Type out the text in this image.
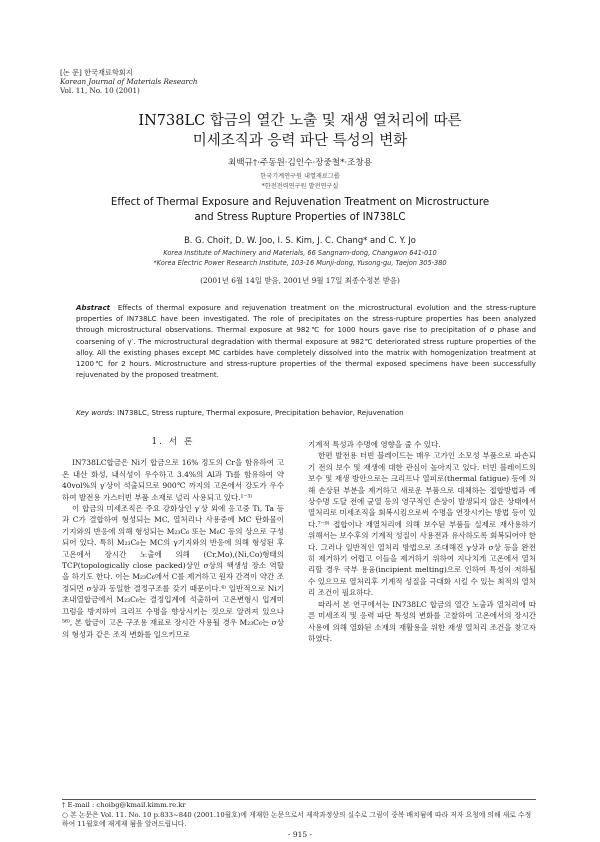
[논 문] 한국재료학회지
Korean Journal of Materials Research
Vol. 11, No. 10 (2001)
IN738LC 합금의 열간 노출 및 재생 열처리에 따른
미세조직과 응력 파단 특성의 변화
최백규†·주동원·김인수·장중철*·조창용
한국기계연구원 내열재료그룹
*한전전력연구원 발전연구실
Effect of Thermal Exposure and Rejuvenation Treatment on Microstructure
and Stress Rupture Properties of IN738LC
B. G. Choi†, D. W. Joo, I. S. Kim, J. C. Chang* and C. Y. Jo
Korea Institute of Machinery and Materials, 66 Sangnam-dong, Changwon 641-010
*Korea Electric Power Research Institute, 103-16 Munji-dong, Yusong-gu, Taejon 305-380
(2001년 6월 14일 받음, 2001년 9월 17일 최종수정본 받음)
Abstract Effects of thermal exposure and rejuvenation treatment on the microstructural evolution and the stress-rupture properties of IN738LC have been investigated. The role of precipitates on the stress-rupture properties has been analyzed through microstructural observations. Thermal exposure at 982℃ for 1000 hours gave rise to precipitation of σ phase and coarsening of γ′. The microstructural degradation with thermal exposure at 982℃ deteriorated stress rupture properties of the alloy. All the existing phases except MC carbides have completely dissolved into the matrix with homogenization treatment at 1200℃ for 2 hours. Microstructure and stress-rupture properties of the thermal exposed specimens have been successfully rejuvenated by the proposed treatment.
Key words: IN738LC, Stress rupture, Thermal exposure, Precipitation behavior, Rejuvenation
1. 서 론

IN738LC합금은 Ni기 합금으로 16% 정도의 Cr을 함유하여 고온 내산 화성, 내식성이 우수하고 3.4%의 Al과 Ti를 함유하여 약 40vol%의 γ′상이 석출되므로 900℃ 까지의 고온에서 강도가 우수하여 발전용 가스터빈 부품 소재로 널리 사용되고 있다.¹⁻³⁾

이 합금의 미세조직은 주요 강화상인 γ′상 외에 응고중 Ti, Ta 등과 C가 결합하여 형성되는 MC, 열처리나 사용중에 MC 탄화물이 기지와의 반응에 의해 형성되는 M₂₃C₆ 또는 M₆C 등의 상으로 구성되어 있다. 특히 M₂₃C₆는 MC의 γ기지와의 반응에 의해 형성된 후 고온에서 장시간 노출에 의해 (Cr,Mo),(Ni,Co)형태의 TCP(topologically close packed)상인 σ상의 핵생성 장소 역할을 하기도 한다. 이는 M₂₃C₆에서 C를 제거하고 원자 간격이 약간 조정되면 σ상과 동일한 결정구조를 갖기 때문이다.⁴⁾ 일반적으로 Ni기 초내열합금에서 M₂₃C₆는 결정입계에 석출하여 고온변형시 입계미끄럼을 방지하여 크리프 수명을 향상시키는 것으로 알려져 있으나⁵⁶⁾, 본 합금이 고온 구조용 재료로 장시간 사용될 경우 M₂₃C₆는 σ상의 형성과 같은 조직 변화를 일으키므로

기계적 특성과 수명에 영향을 줄 수 있다.

한편 발전용 터빈 블레이드는 매우 고가인 소모성 부품으로 파손되기 전의 보수 및 재생에 대한 관심이 높아지고 있다. 터빈 블레이드의 보수 및 재생 방안으로는 크리프나 열피로(thermal fatigue) 등에 의해 손상된 부분을 제거하고 새로운 부품으로 대체하는 접합방법과 예상수명 도달 전에 균열 등의 영구적인 손상이 발생되지 않은 상태에서 열처리로 미세조직을 회복시킴으로써 수명을 연장시키는 방법 등이 있다.⁷⁻⁹⁾ 접합이나 재열처리에 의해 보수된 부품들 실제로 재사용하기 위해서는 보수후의 기계적 성질이 사용전과 유사하도록 회복되어야 한다. 그러나 일반적인 열처리 방법으로 조대해진 γ상과 σ상 등을 완전히 제거하기 어렵고 이들을 제거하기 위하여 지나치게 고온에서 열처리할 경우 국부 용융(incipient melting)으로 인하여 특성이 저하될 수 있으므로 열처리후 기계적 성질을 극대화 시킬 수 있는 최적의 열처리 조건이 필요하다.

따라서 본 연구에서는 IN738LC 합금의 열간 노출과 열처리에 따른 미세조직 및 응력 파단 특성의 변화를 고찰하여 고온에서의 장시간 사용에 의해 열화된 소재의 재활용을 위한 재생 열처리 조건을 찾고자 하였다.

† E-mail : choibg@kmail.kimm.re.kr
○ 본 논문은 Vol. 11. No. 10 p.833~840 (2001.10월호)에 게재한 논문으로서 제작과정상의 실수로 그림이 중복 배치됨에 따라 저자 요청에 의해 새로 수정하여 11월호에 재게재 됨을 알려드립니다.
- 915 -
